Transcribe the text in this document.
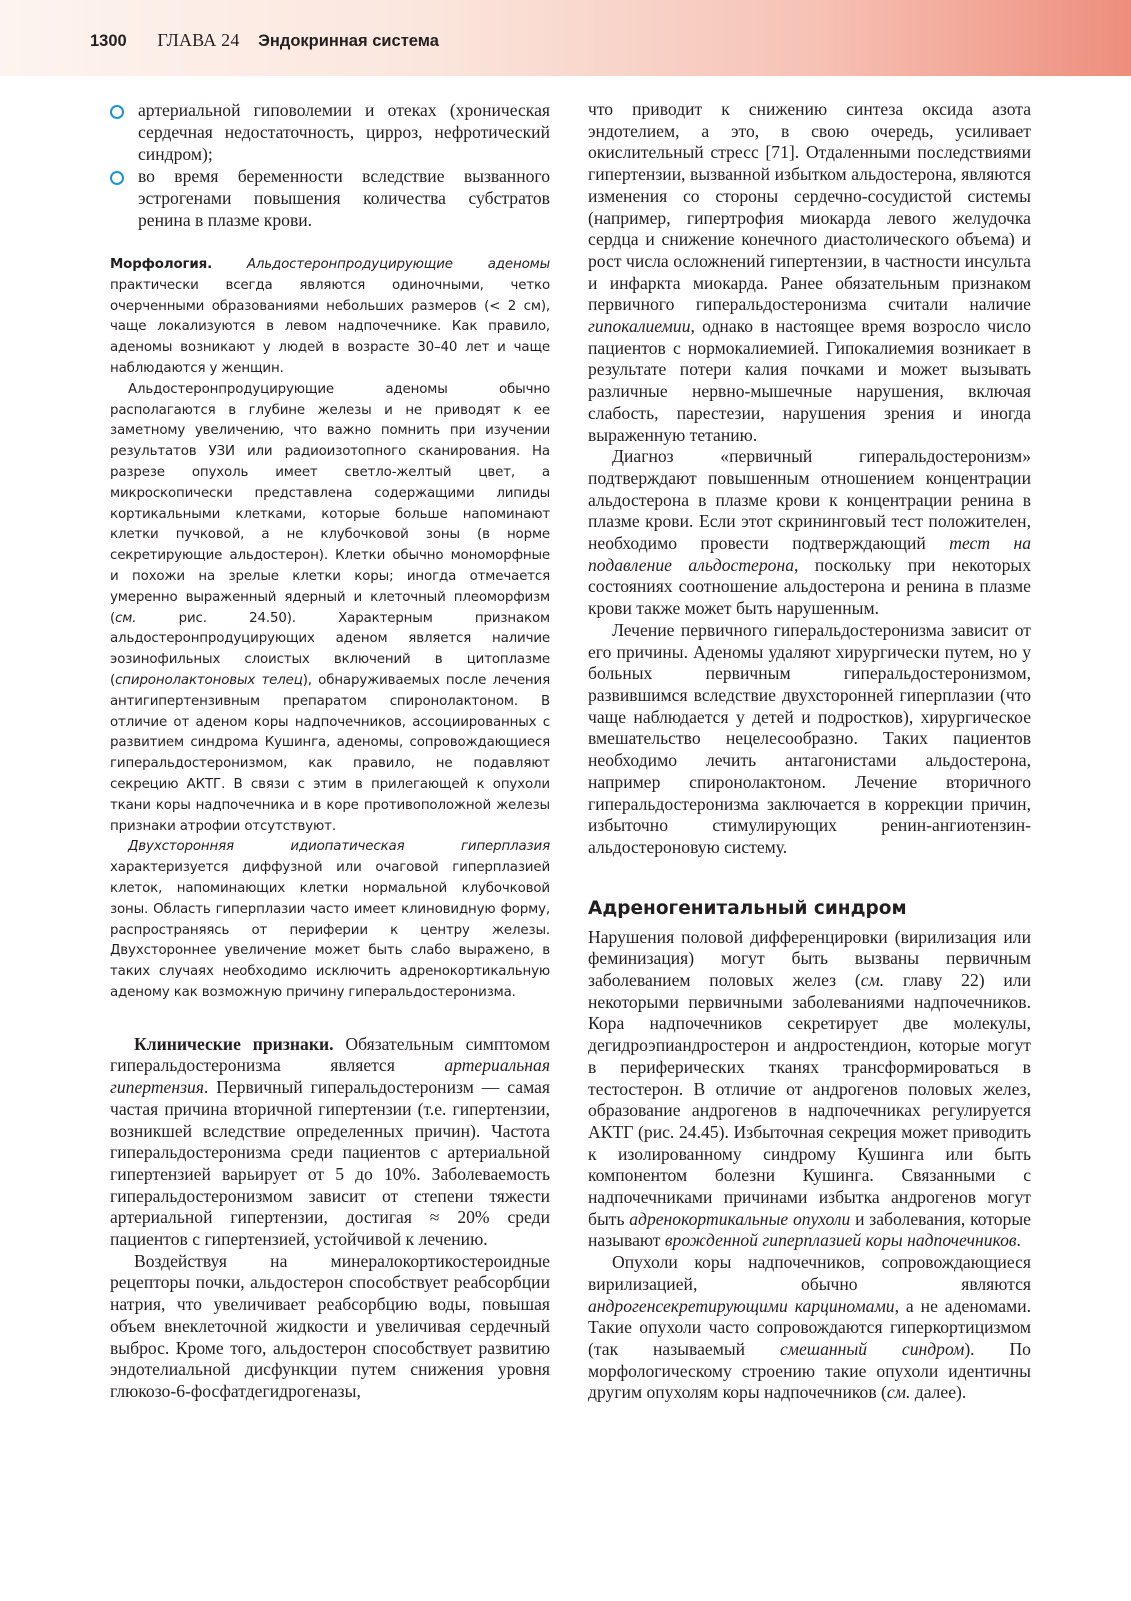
1300 ГЛАВА 24 Эндокринная система
артериальной гиповолемии и отеках (хроническая сердечная недостаточность, цирроз, нефротический синдром);
во время беременности вследствие вызванного эстрогенами повышения количества субстратов ренина в плазме крови.

Морфология. Альдостеронпродуцирующие аденомы практически всегда являются одиночными, четко очерченными образованиями небольших размеров (< 2 см), чаще локализуются в левом надпочечнике. Как правило, аденомы возникают у людей в возрасте 30–40 лет и чаще наблюдаются у женщин.

Альдостеронпродуцирующие аденомы обычно располагаются в глубине железы и не приводят к ее заметному увеличению, что важно помнить при изучении результатов УЗИ или радиоизотопного сканирования. На разрезе опухоль имеет светло-желтый цвет, а микроскопически представлена содержащими липиды кортикальными клетками, которые больше напоминают клетки пучковой, а не клубочковой зоны (в норме секретирующие альдостерон). Клетки обычно мономорфные и похожи на зрелые клетки коры; иногда отмечается умеренно выраженный ядерный и клеточный плеоморфизм (см. рис. 24.50). Характерным признаком альдостеронпродуцирующих аденом является наличие эозинофильных слоистых включений в цитоплазме (спиронолактоновых телец), обнаруживаемых после лечения антигипертензивным препаратом спиронолактоном. В отличие от аденом коры надпочечников, ассоциированных с развитием синдрома Кушинга, аденомы, сопровождающиеся гиперальдостеронизмом, как правило, не подавляют секрецию АКТГ. В связи с этим в прилегающей к опухоли ткани коры надпочечника и в коре противоположной железы признаки атрофии отсутствуют.

Двухсторонняя идиопатическая гиперплазия характеризуется диффузной или очаговой гиперплазией клеток, напоминающих клетки нормальной клубочковой зоны. Область гиперплазии часто имеет клиновидную форму, распространяясь от периферии к центру железы. Двухстороннее увеличение может быть слабо выражено, в таких случаях необходимо исключить адренокортикальную аденому как возможную причину гиперальдостеронизма.

Клинические признаки. Обязательным симптомом гиперальдостеронизма является артериальная гипертензия. Первичный гиперальдостеронизм — самая частая причина вторичной гипертензии (т.е. гипертензии, возникшей вследствие определенных причин). Частота гиперальдостеронизма среди пациентов с артериальной гипертензией варьирует от 5 до 10%. Заболеваемость гиперальдостеронизмом зависит от степени тяжести артериальной гипертензии, достигая ≈ 20% среди пациентов с гипертензией, устойчивой к лечению.

Воздействуя на минералокортикостероидные рецепторы почки, альдостерон способствует реабсорбции натрия, что увеличивает реабсорбцию воды, повышая объем внеклеточной жидкости и увеличивая сердечный выброс. Кроме того, альдостерон способствует развитию эндотелиальной дисфункции путем снижения уровня глюкозо-6-фосфатдегидрогеназы,

что приводит к снижению синтеза оксида азота эндотелием, а это, в свою очередь, усиливает окислительный стресс [71]. Отдаленными последствиями гипертензии, вызванной избытком альдостерона, являются изменения со стороны сердечно-сосудистой системы (например, гипертрофия миокарда левого желудочка сердца и снижение конечного диастолического объема) и рост числа осложнений гипертензии, в частности инсульта и инфаркта миокарда. Ранее обязательным признаком первичного гиперальдостеронизма считали наличие гипокалиемии, однако в настоящее время возросло число пациентов с нормокалиемией. Гипокалиемия возникает в результате потери калия почками и может вызывать различные нервно-мышечные нарушения, включая слабость, парестезии, нарушения зрения и иногда выраженную тетанию.

Диагноз «первичный гиперальдостеронизм» подтверждают повышенным отношением концентрации альдостерона в плазме крови к концентрации ренина в плазме крови. Если этот скрининговый тест положителен, необходимо провести подтверждающий тест на подавление альдостерона, поскольку при некоторых состояниях соотношение альдостерона и ренина в плазме крови также может быть нарушенным.

Лечение первичного гиперальдостеронизма зависит от его причины. Аденомы удаляют хирургически путем, но у больных первичным гиперальдостеронизмом, развившимся вследствие двухсторонней гиперплазии (что чаще наблюдается у детей и подростков), хирургическое вмешательство нецелесообразно. Таких пациентов необходимо лечить антагонистами альдостерона, например спиронолактоном. Лечение вторичного гиперальдостеронизма заключается в коррекции причин, избыточно стимулирующих ренин-ангиотензин-альдостероновую систему.

Адреногенитальный синдром

Нарушения половой дифференцировки (вирилизация или феминизация) могут быть вызваны первичным заболеванием половых желез (см. главу 22) или некоторыми первичными заболеваниями надпочечников. Кора надпочечников секретирует две молекулы, дегидроэпиандростерон и андростендион, которые могут в периферических тканях трансформироваться в тестостерон. В отличие от андрогенов половых желез, образование андрогенов в надпочечниках регулируется АКТГ (рис. 24.45). Избыточная секреция может приводить к изолированному синдрому Кушинга или быть компонентом болезни Кушинга. Связанными с надпочечниками причинами избытка андрогенов могут быть адренокортикальные опухоли и заболевания, которые называют врожденной гиперплазией коры надпочечников.

Опухоли коры надпочечников, сопровождающиеся вирилизацией, обычно являются андрогенсекретирующими карциномами, а не аденомами. Такие опухоли часто сопровождаются гиперкортицизмом (так называемый смешанный синдром). По морфологическому строению такие опухоли идентичны другим опухолям коры надпочечников (см. далее).
